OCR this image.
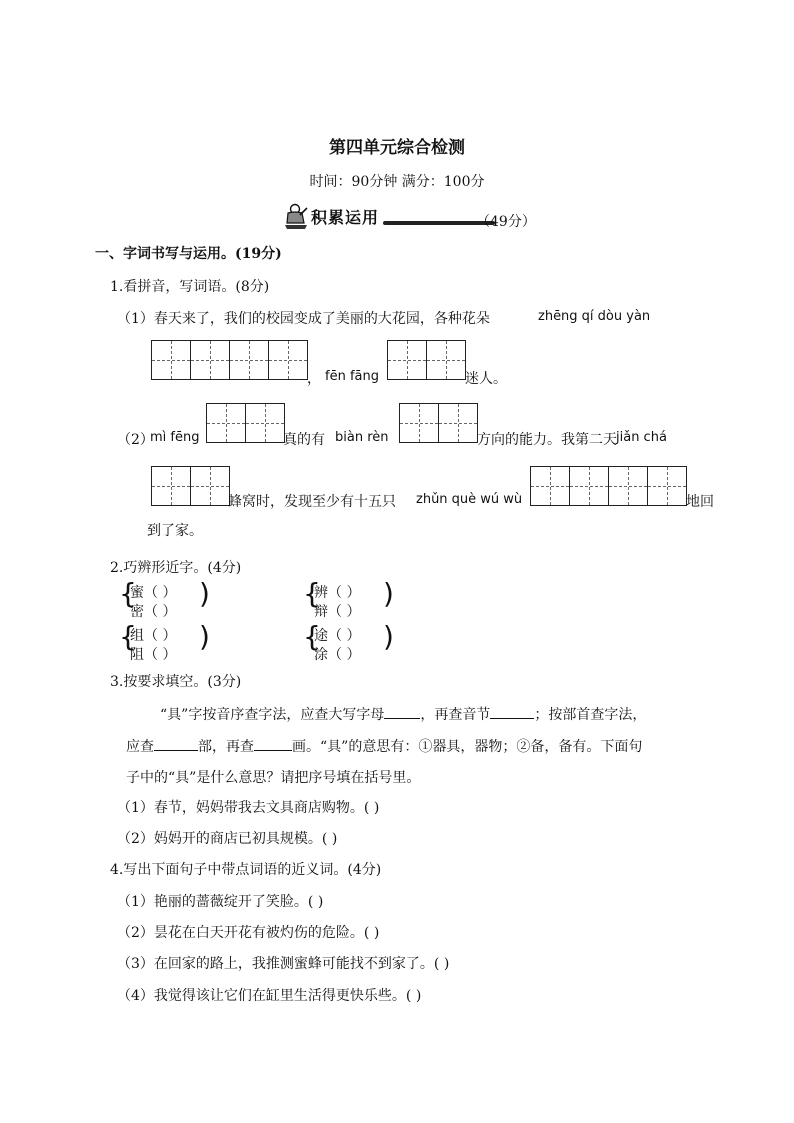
第四单元综合检测
时间：90分钟 满分：100分
积累运用	（49分）
一、字词书写与运用。(19分)
1.看拼音，写词语。(8分)
（1）春天来了，我们的校园变成了美丽的大花园，各种花朵	zhēng qí dòu yàn
， fēn fāng	迷人。
（2）
mì fēng	真的有 biàn rèn	方向的能力。我第二天 jiǎn chá
蜂窝时，发现至少有十五只 zhǔn què wú wù	地回
到了家。
2.巧辨形近字。(4分)
{
蜜（ ）
密（ ）
)	{
辨（ ）
辩（ ）
)
{
组（ ）
阻（ ）
)	{
途（ ）
涂（ ）
)
3.按要求填空。(3分)
“具”字按音序查字法，应查大写字母	，再查音节	；按部首查字法，
应查	部，再查	画。“具”的意思有：①器具，器物；②备，备有。下面句
子中的“具”是什么意思？请把序号填在括号里。
（1）春节，妈妈带我去文具商店购物。( )
（2）妈妈开的商店已初具规模。( )
4.写出下面句子中带点词语的近义词。(4分)
（1）艳丽的蔷薇绽开了笑脸。( )
（2）昙花在白天开花有被灼伤的危险。( )
（3）在回家的路上，我推测蜜蜂可能找不到家了。( )
（4）我觉得该让它们在缸里生活得更快乐些。( )
